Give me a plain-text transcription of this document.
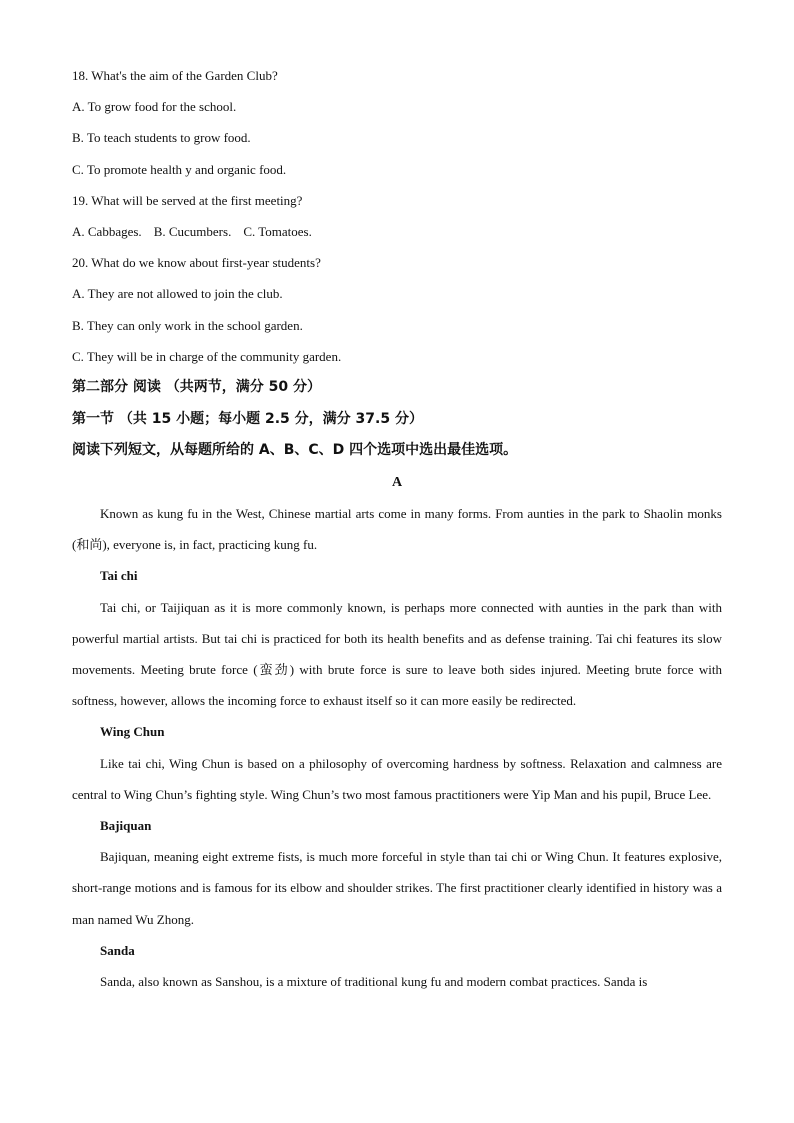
18. What's the aim of the Garden Club?
A. To grow food for the school.
B. To teach students to grow food.
C. To promote health y and organic food.
19. What will be served at the first meeting?
A. Cabbages. B. Cucumbers. C. Tomatoes.
20. What do we know about first-year students?
A. They are not allowed to join the club.
B. They can only work in the school garden.
C. They will be in charge of the community garden.
第二部分 阅读 （共两节，满分 50 分）
第一节 （共 15 小题；每小题 2.5 分，满分 37.5 分）
阅读下列短文，从每题所给的 A、B、C、D 四个选项中选出最佳选项。
A
Known as kung fu in the West, Chinese martial arts come in many forms. From aunties in the park to Shaolin monks (和尚), everyone is, in fact, practicing kung fu.
Tai chi
Tai chi, or Taijiquan as it is more commonly known, is perhaps more connected with aunties in the park than with powerful martial artists. But tai chi is practiced for both its health benefits and as defense training. Tai chi features its slow movements. Meeting brute force (蛮劲) with brute force is sure to leave both sides injured. Meeting brute force with softness, however, allows the incoming force to exhaust itself so it can more easily be redirected.
Wing Chun
Like tai chi, Wing Chun is based on a philosophy of overcoming hardness by softness. Relaxation and calmness are central to Wing Chun’s fighting style. Wing Chun’s two most famous practitioners were Yip Man and his pupil, Bruce Lee.
Bajiquan
Bajiquan, meaning eight extreme fists, is much more forceful in style than tai chi or Wing Chun. It features explosive, short-range motions and is famous for its elbow and shoulder strikes. The first practitioner clearly identified in history was a man named Wu Zhong.
Sanda
Sanda, also known as Sanshou, is a mixture of traditional kung fu and modern combat practices. Sanda is
